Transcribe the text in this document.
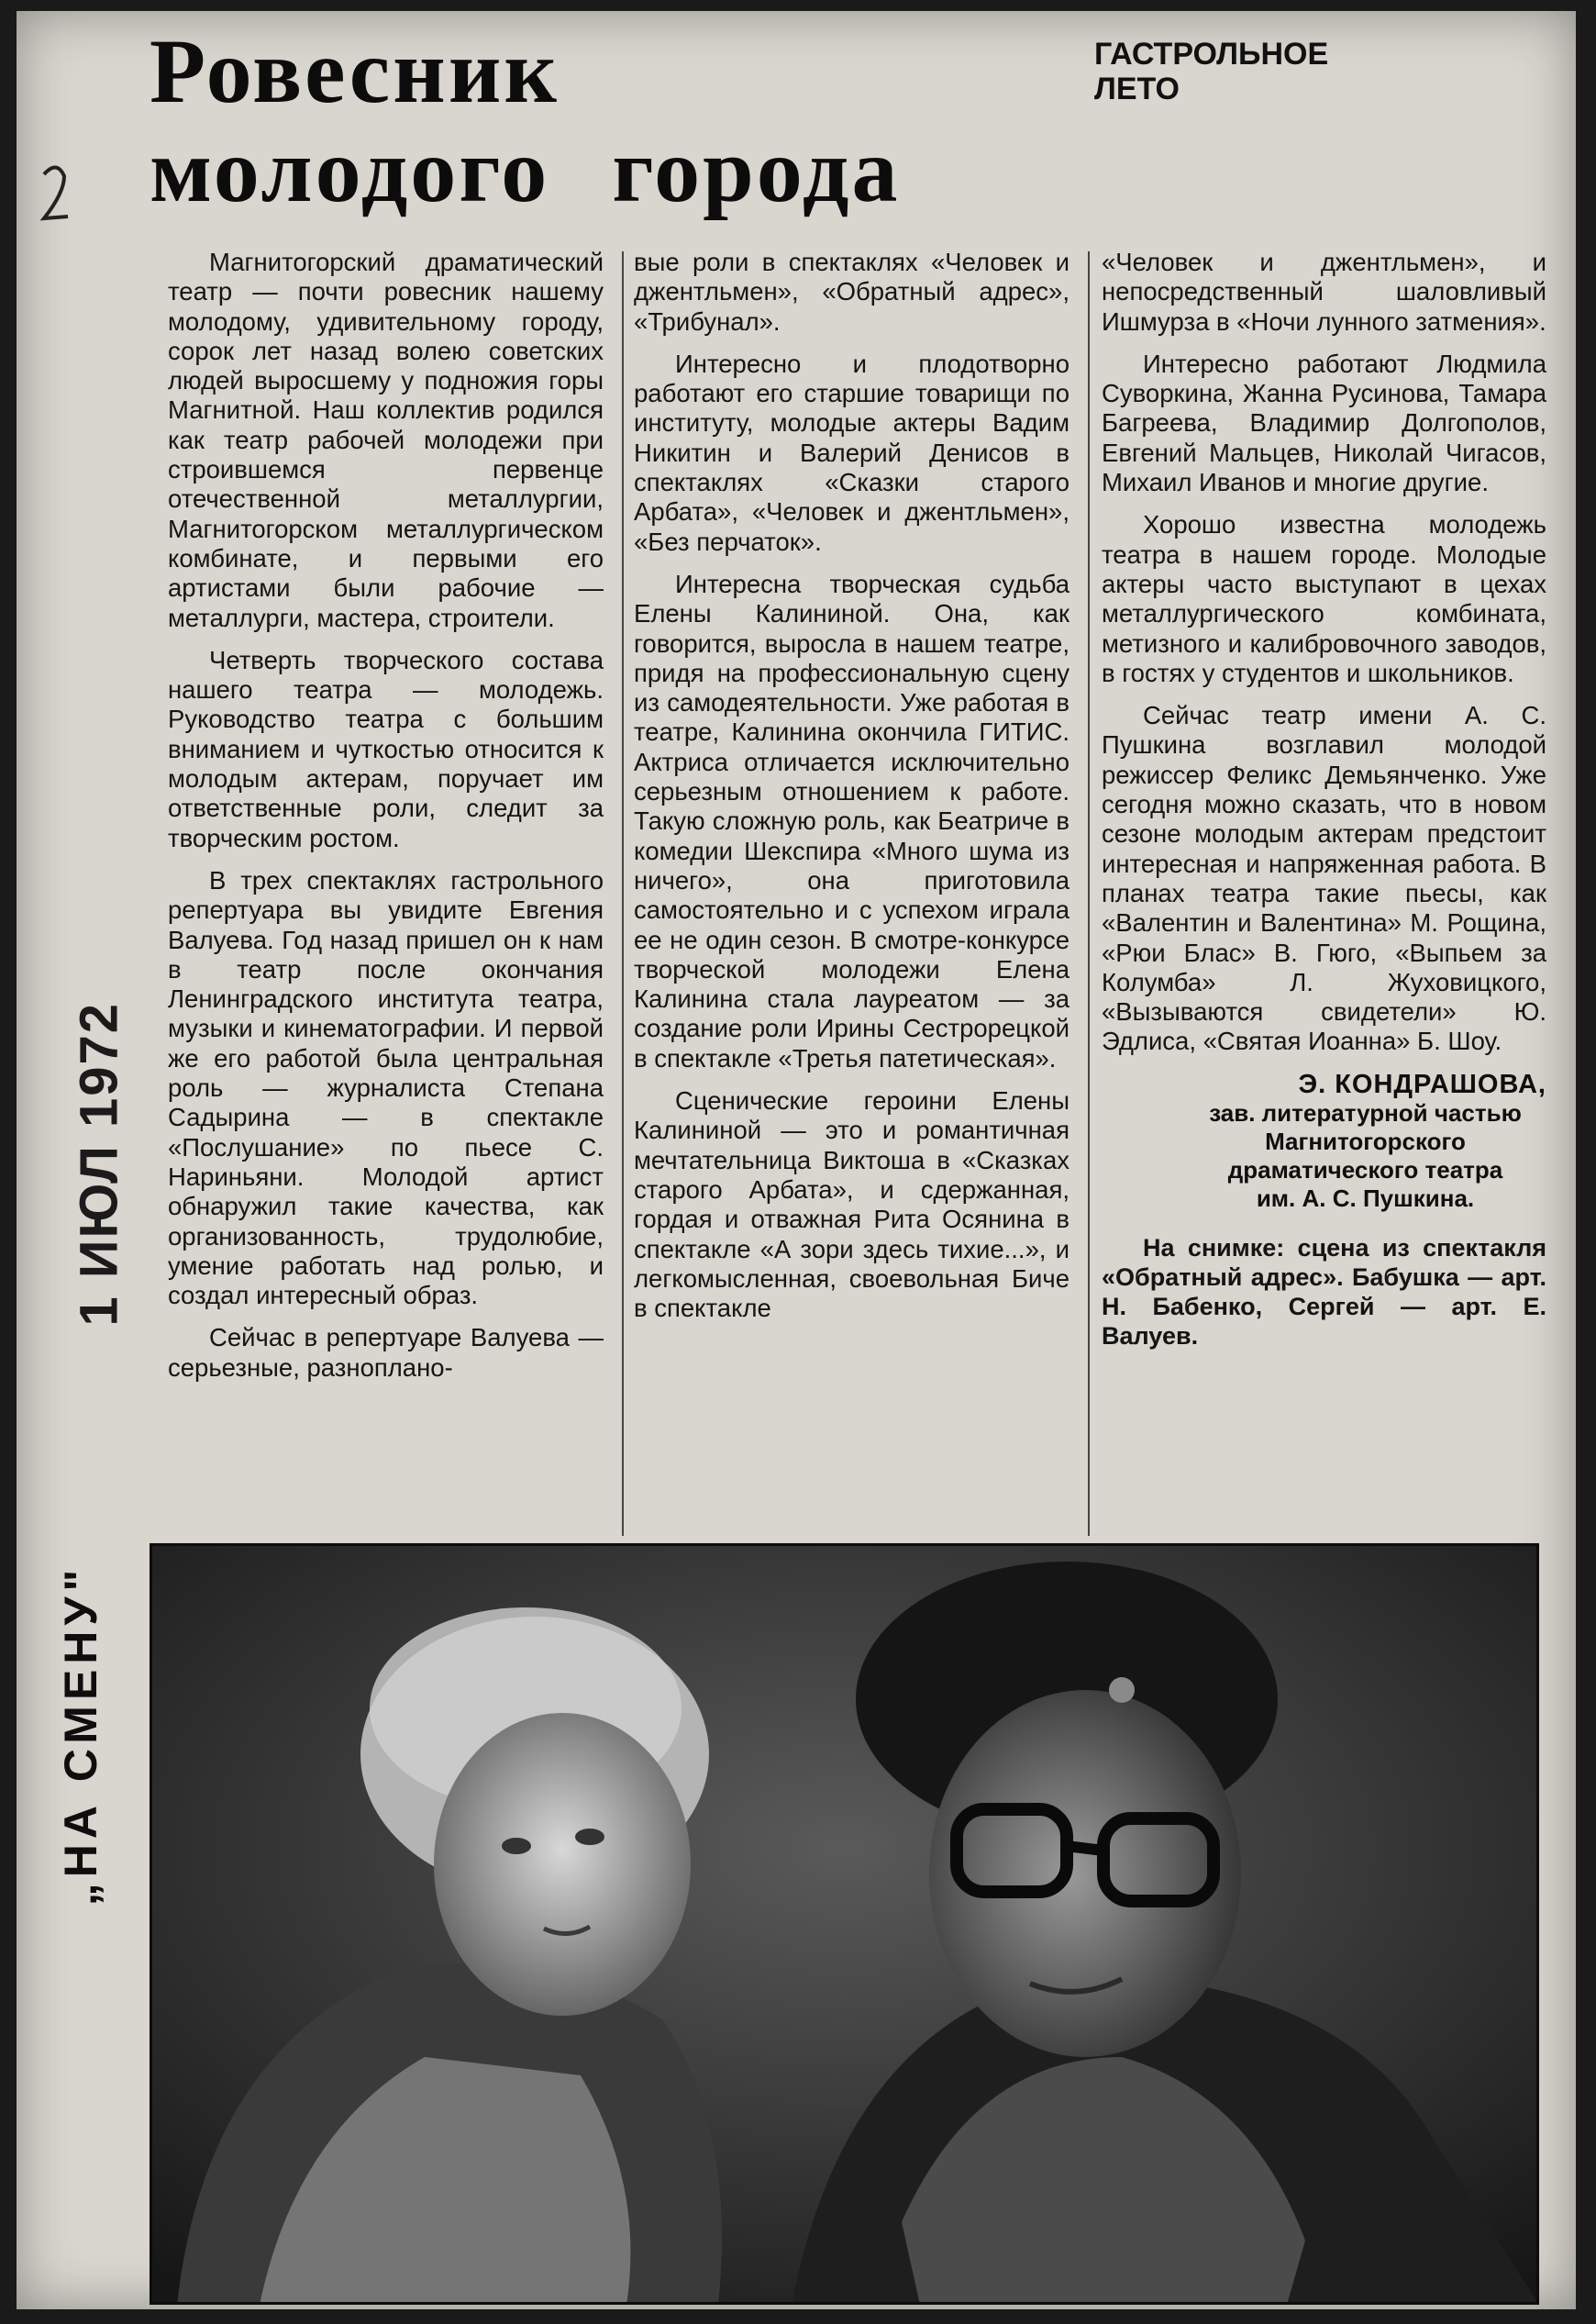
Ровесник
молодого города
ГАСТРОЛЬНОЕ
ЛЕТО

Магнитогорский драматический театр — почти ровесник нашему молодому, удивительному городу, сорок лет назад волею советских людей выросшему у подножия горы Магнитной. Наш коллектив родился как театр рабочей молодежи при строившемся первенце отечественной металлургии, Магнитогорском металлургическом комбинате, и первыми его артистами были рабочие — металлурги, мастера, строители.

Четверть творческого состава нашего театра — молодежь. Руководство театра с большим вниманием и чуткостью относится к молодым актерам, поручает им ответственные роли, следит за творческим ростом.

В трех спектаклях гастрольного репертуара вы увидите Евгения Валуева. Год назад пришел он к нам в театр после окончания Ленинградского института театра, музыки и кинематографии. И первой же его работой была центральная роль — журналиста Степана Садырина — в спектакле «Послушание» по пьесе С. Нариньяни. Молодой артист обнаружил такие качества, как организованность, трудолюбие, умение работать над ролью, и создал интересный образ.

Сейчас в репертуаре Валуева — серьезные, разноплано-

вые роли в спектаклях «Человек и джентльмен», «Обратный адрес», «Трибунал».

Интересно и плодотворно работают его старшие товарищи по институту, молодые актеры Вадим Никитин и Валерий Денисов в спектаклях «Сказки старого Арбата», «Человек и джентльмен», «Без перчаток».

Интересна творческая судьба Елены Калининой. Она, как говорится, выросла в нашем театре, придя на профессиональную сцену из самодеятельности. Уже работая в театре, Калинина окончила ГИТИС. Актриса отличается исключительно серьезным отношением к работе. Такую сложную роль, как Беатриче в комедии Шекспира «Много шума из ничего», она приготовила самостоятельно и с успехом играла ее не один сезон. В смотре-конкурсе творческой молодежи Елена Калинина стала лауреатом — за создание роли Ирины Сестрорецкой в спектакле «Третья патетическая».

Сценические героини Елены Калининой — это и романтичная мечтательница Виктоша в «Сказках старого Арбата», и сдержанная, гордая и отважная Рита Осянина в спектакле «А зори здесь тихие...», и легкомысленная, своевольная Биче в спектакле

«Человек и джентльмен», и непосредственный шаловливый Ишмурза в «Ночи лунного затмения».

Интересно работают Людмила Суворкина, Жанна Русинова, Тамара Багреева, Владимир Долгополов, Евгений Мальцев, Николай Чигасов, Михаил Иванов и многие другие.

Хорошо известна молодежь театра в нашем городе. Молодые актеры часто выступают в цехах металлургического комбината, метизного и калибровочного заводов, в гостях у студентов и школьников.

Сейчас театр имени А. С. Пушкина возглавил молодой режиссер Феликс Демьянченко. Уже сегодня можно сказать, что в новом сезоне молодым актерам предстоит интересная и напряженная работа. В планах театра такие пьесы, как «Валентин и Валентина» М. Рощина, «Рюи Блас» В. Гюго, «Выпьем за Колумба» Л. Жуховицкого, «Вызываются свидетели» Ю. Эдлиса, «Святая Иоанна» Б. Шоу.

Э. КОНДРАШОВА,
зав. литературной частью
Магнитогорского
драматического театра
им. А. С. Пушкина.
На снимке: сцена из спектакля «Обратный адрес». Бабушка — арт. Н. Бабенко, Сергей — арт. Е. Валуев.
1 ИЮЛ 1972
„НА СМЕНУ"
